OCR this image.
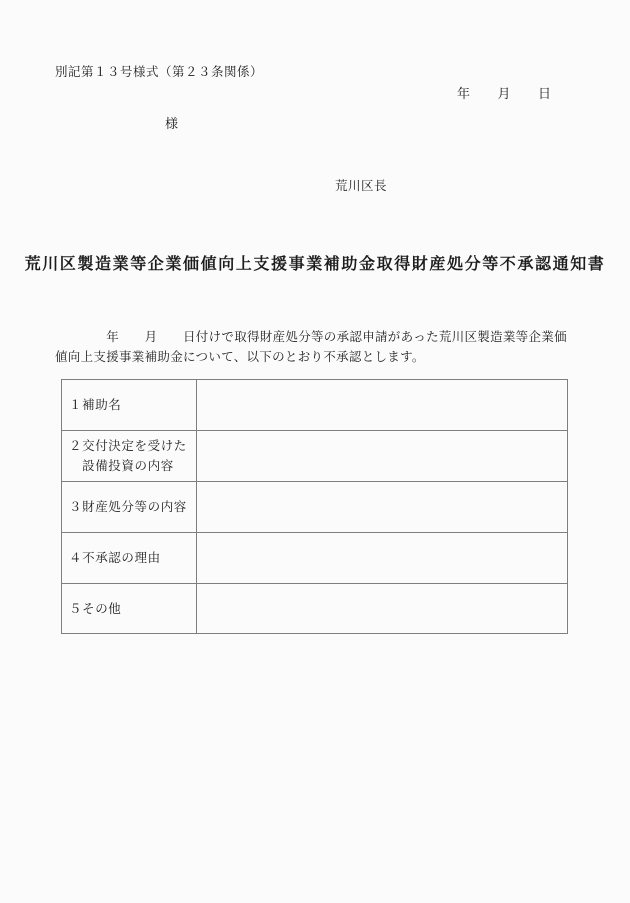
別記第１３号様式（第２３条関係）
年　　月　　日
様
荒川区長
荒川区製造業等企業価値向上支援事業補助金取得財産処分等不承認通知書
　　　　年　　月　　日付けで取得財産処分等の承認申請があった荒川区製造業等企業価
値向上支援事業補助金について、以下のとおり不承認とします。
１補助名	

２交付決定を受けた
　設備投資の内容	

３財産処分等の内容	

４不承認の理由	

５その他	
